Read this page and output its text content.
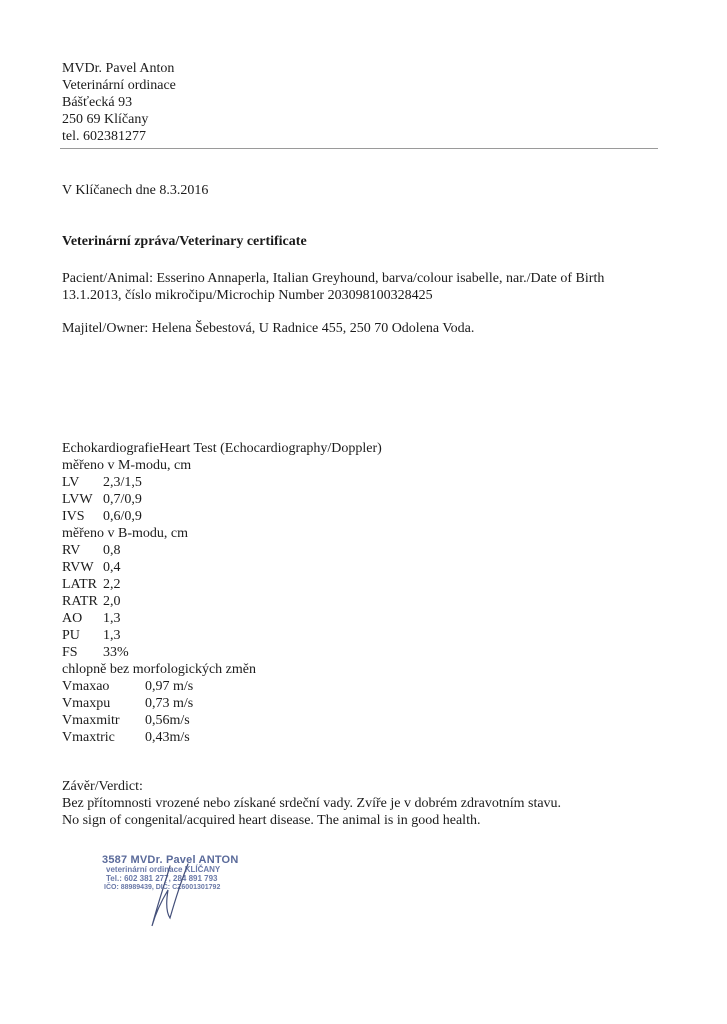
MVDr. Pavel Anton
Veterinární ordinace
Bášťecká 93
250 69 Klíčany
tel. 602381277
V Klíčanech dne 8.3.2016
Veterinární zpráva/Veterinary certificate
Pacient/Animal: Esserino Annaperla, Italian Greyhound, barva/colour isabelle, nar./Date of Birth
13.1.2013, číslo mikročipu/Microchip Number 203098100328425
Majitel/Owner: Helena Šebestová, U Radnice 455, 250 70 Odolena Voda.
EchokardiografieHeart Test (Echocardiography/Doppler)
měřeno v M-modu, cm
LV	2,3/1,5
LVW 0,7/0,9
IVS	0,6/0,9
měřeno v B-modu, cm
RV	0,8
RVW 0,4
LATR 2,2
RATR 2,0
AO	1,3
PU	1,3
FS	33%
chlopně bez morfologických změn
Vmaxao	0,97 m/s
Vmaxpu	0,73 m/s
Vmaxmitr	0,56m/s
Vmaxtric	0,43m/s
Závěr/Verdict:
Bez přítomnosti vrozené nebo získané srdeční vady. Zvíře je v dobrém zdravotním stavu.
No sign of congenital/acquired heart disease. The animal is in good health.
3587 MVDr. Pavel ANTON
veterinární ordinace KLÍČANY
Tel.: 602 381 277, 284 891 793
IČO: 88989439, DIČ: CZ6001301792
